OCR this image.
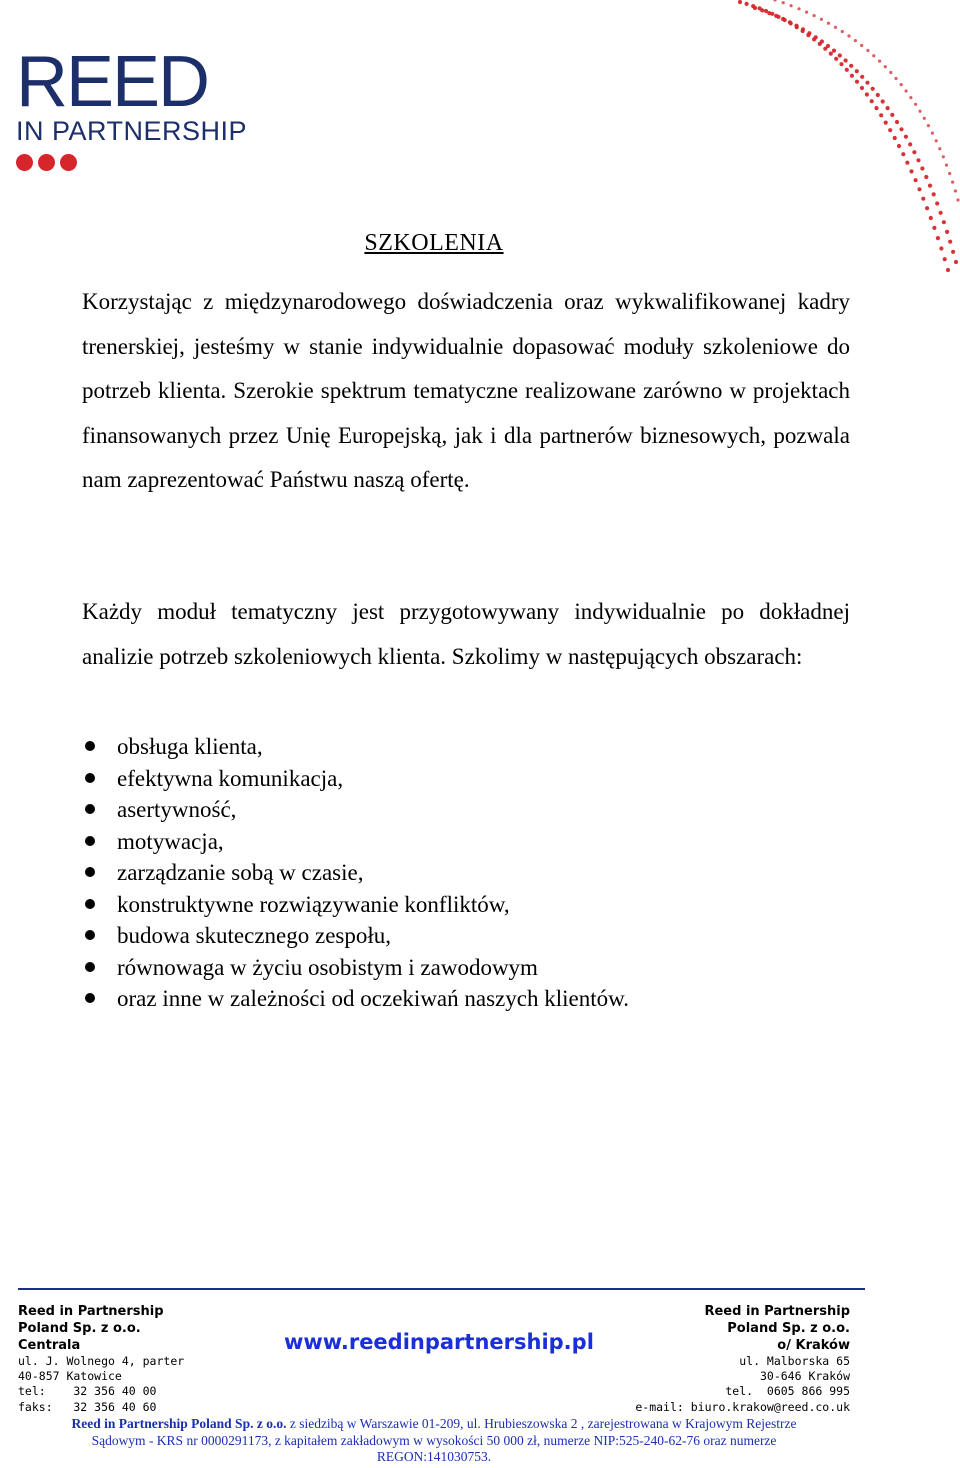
REED
IN PARTNERSHIP
SZKOLENIA

Korzystając z międzynarodowego doświadczenia oraz wykwalifikowanej kadry trenerskiej, jesteśmy w stanie indywidualnie dopasować moduły szkoleniowe do potrzeb klienta. Szerokie spektrum tematyczne realizowane zarówno w projektach finansowanych przez Unię Europejską, jak i dla partnerów biznesowych, pozwala nam zaprezentować Państwu naszą ofertę.

Każdy moduł tematyczny jest przygotowywany indywidualnie po dokładnej analizie potrzeb szkoleniowych klienta. Szkolimy w następujących obszarach:

obsługa klienta,
efektywna komunikacja,
asertywność,
motywacja,
zarządzanie sobą w czasie,
konstruktywne rozwiązywanie konfliktów,
budowa skutecznego zespołu,
równowaga w życiu osobistym i zawodowym
oraz inne w zależności od oczekiwań naszych klientów.
Reed in Partnership
Poland Sp. z o.o.
Centrala
ul. J. Wolnego 4, parter
40-857 Katowice
tel:    32 356 40 00
faks:   32 356 40 60
www.reedinpartnership.pl
Reed in Partnership
Poland Sp. z o.o.
o/ Kraków
ul. Malborska 65
30-646 Kraków
tel.  0605 866 995
e-mail: biuro.krakow@reed.co.uk
Reed in Partnership Poland Sp. z o.o. z siedzibą w Warszawie 01-209, ul. Hrubieszowska 2 , zarejestrowana w Krajowym Rejestrze
Sądowym - KRS nr 0000291173, z kapitałem zakładowym w wysokości 50 000 zł, numerze NIP:525-240-62-76 oraz numerze
REGON:141030753.
